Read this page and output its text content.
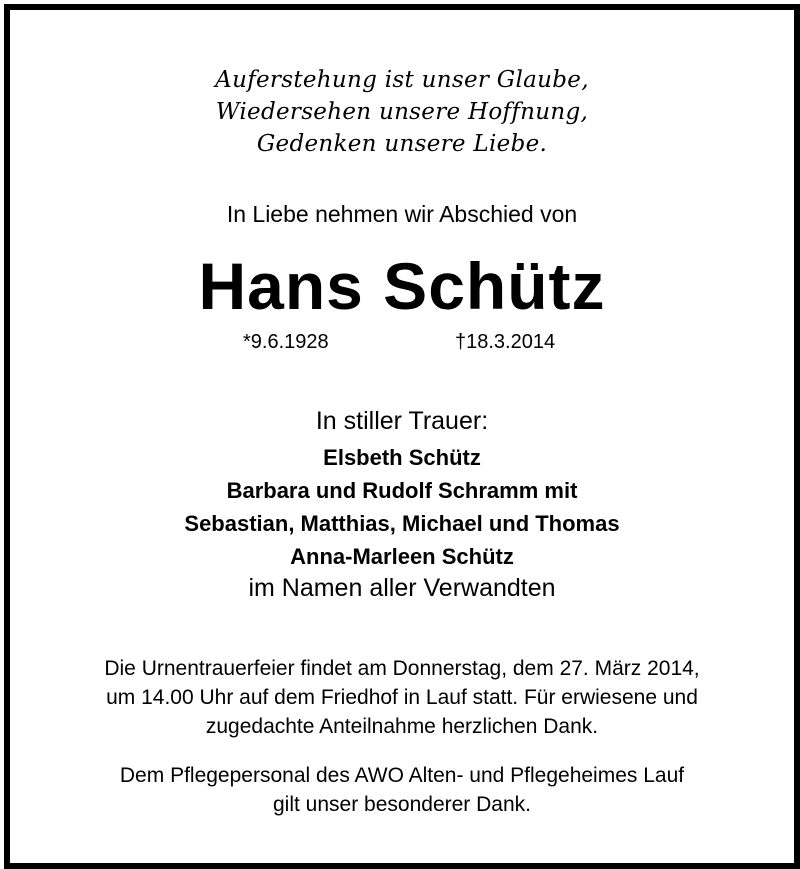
Auferstehung ist unser Glaube,
Wiedersehen unsere Hoffnung,
Gedenken unsere Liebe.
In Liebe nehmen wir Abschied von
Hans Schütz
*9.6.1928	†18.3.2014
In stiller Trauer:
Elsbeth Schütz
Barbara und Rudolf Schramm mit
Sebastian, Matthias, Michael und Thomas
Anna-Marleen Schütz
im Namen aller Verwandten
Die Urnentrauerfeier findet am Donnerstag, dem 27. März 2014,
um 14.00 Uhr auf dem Friedhof in Lauf statt. Für erwiesene und
zugedachte Anteilnahme herzlichen Dank.
Dem Pflegepersonal des AWO Alten- und Pflegeheimes Lauf
gilt unser besonderer Dank.
